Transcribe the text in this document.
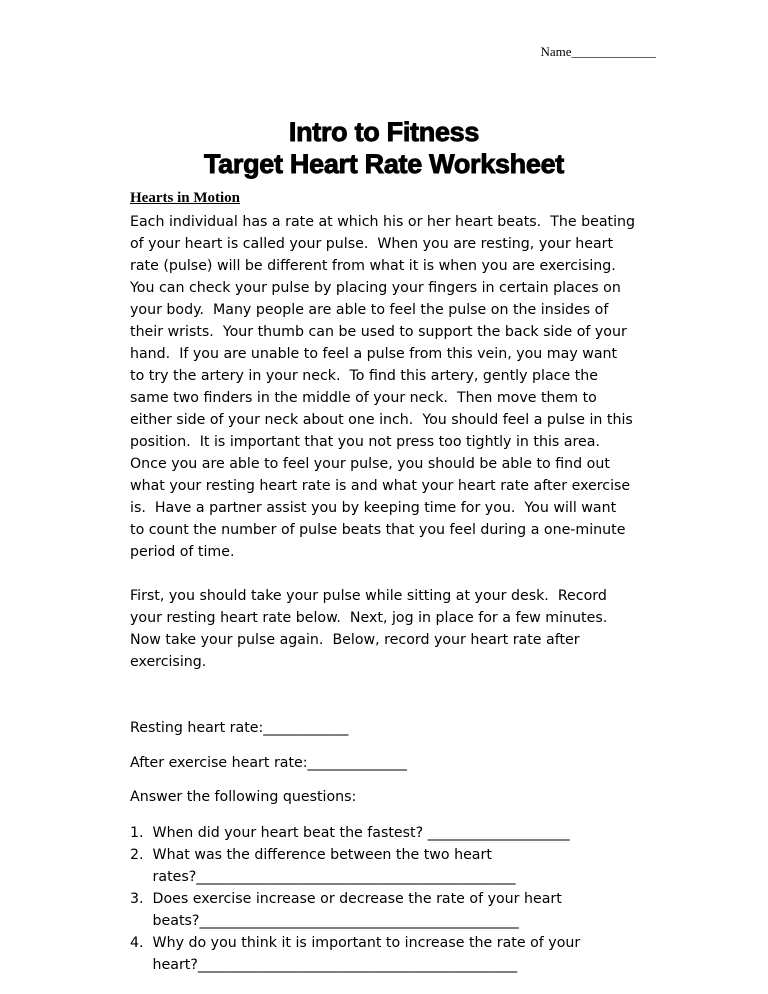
Name_____________
Intro to Fitness
Target Heart Rate Worksheet
Hearts in Motion
Each individual has a rate at which his or her heart beats.  The beating
of your heart is called your pulse.  When you are resting, your heart
rate (pulse) will be different from what it is when you are exercising.
You can check your pulse by placing your fingers in certain places on
your body.  Many people are able to feel the pulse on the insides of
their wrists.  Your thumb can be used to support the back side of your
hand.  If you are unable to feel a pulse from this vein, you may want
to try the artery in your neck.  To find this artery, gently place the
same two finders in the middle of your neck.  Then move them to
either side of your neck about one inch.  You should feel a pulse in this
position.  It is important that you not press too tightly in this area.
Once you are able to feel your pulse, you should be able to find out
what your resting heart rate is and what your heart rate after exercise
is.  Have a partner assist you by keeping time for you.  You will want
to count the number of pulse beats that you feel during a one-minute
period of time.
First, you should take your pulse while sitting at your desk.  Record
your resting heart rate below.  Next, jog in place for a few minutes.
Now take your pulse again.  Below, record your heart rate after
exercising.
Resting heart rate:____________
After exercise heart rate:______________
Answer the following questions:
1.  When did your heart beat the fastest? ____________________
2.  What was the difference between the two heart
rates?_____________________________________________
3.  Does exercise increase or decrease the rate of your heart
beats?_____________________________________________
4.  Why do you think it is important to increase the rate of your
heart?_____________________________________________
